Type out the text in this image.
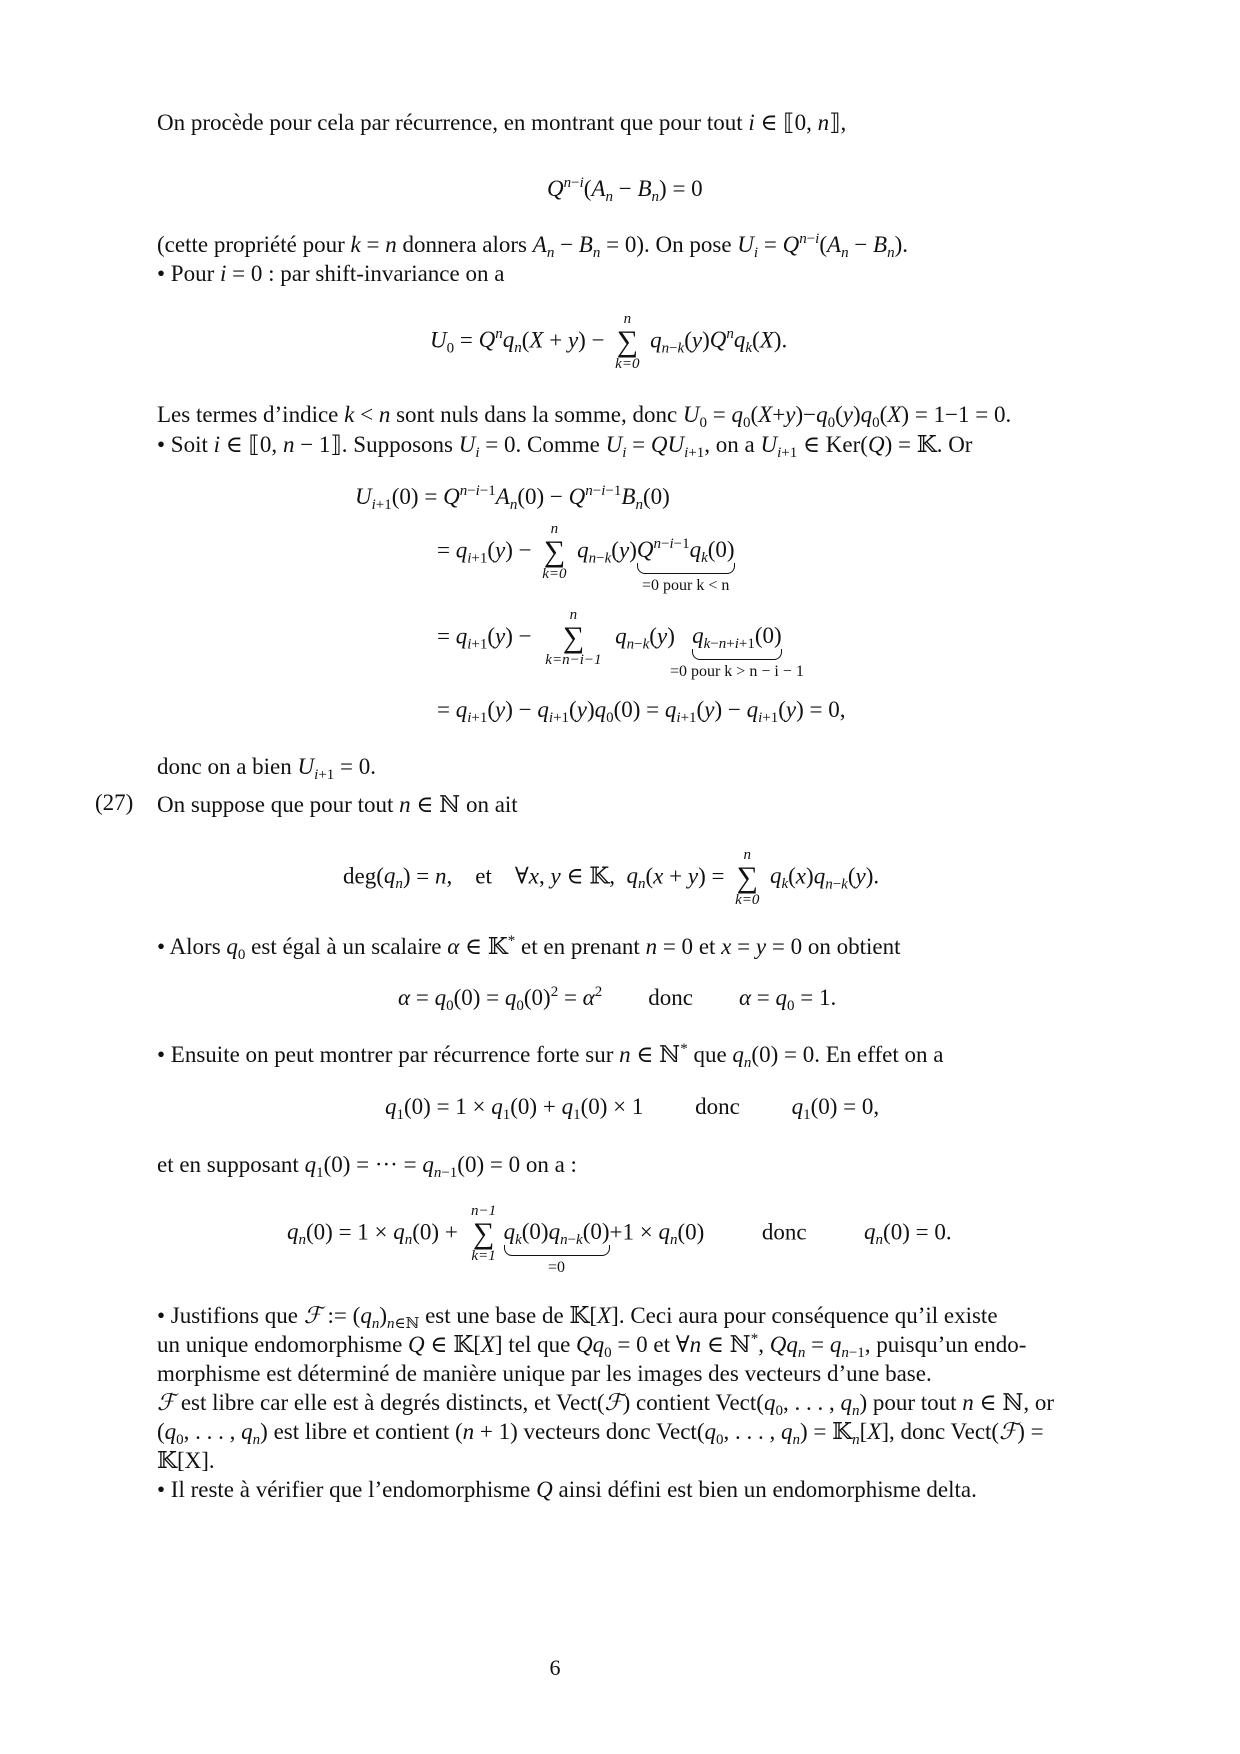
On procède pour cela par récurrence, en montrant que pour tout i ∈ ⟦0, n⟧,
$Q^{n-i}(A_n - B_n) = 0$
(cette propriété pour k = n donnera alors $A_n - B_n = 0$). On pose $U_i = Q^{n-i}(A_n - B_n)$.
• Pour i = 0 : par shift-invariance on a
$U_0 = Q^nq_n(X + y)$ −
n
∑
k=0
$q_{n-k}(y)Q^nq_k(X)$.
Les termes d’indice k < n sont nuls dans la somme, donc $U_0 = q_0(X+y)-q_0(y)q_0(X) = 1-1 = 0$.
• Soit i ∈ ⟦0, n − 1⟧. Supposons $U_i = 0$. Comme $U_i = QU_{i+1}$, on a $U_{i+1}$ ∈ Ker(Q) = 𝕂. Or
$U_{i+1}(0) = Q^{n-i-1}A_n(0) - Q^{n-i-1}B_n(0)$
= $q_{i+1}(y)$ −
n
∑
k=0
$q_{n-k}(y)Q^{n-i-1}q_k(0)$
=0 pour k < n
= $q_{i+1}(y)$ −
n
∑
k=n−i−1
$q_{n-k}(y)$   $q_{k-n+i+1}(0)$
=0 pour k > n − i − 1
= $q_{i+1}(y) - q_{i+1}(y)q_0(0) = q_{i+1}(y) - q_{i+1}(y) = 0$,
donc on a bien $U_{i+1} = 0$.
(27) On suppose que pour tout n ∈ ℕ on ait
$deg(q_n) = n$,    et    ∀x, y ∈ 𝕂,  $q_n(x + y)$ =
n
∑
k=0
$q_k(x)q_{n-k}(y)$.
• Alors $q_0$ est égal à un scalaire α ∈ 𝕂* et en prenant n = 0 et x = y = 0 on obtient
$\alpha = q_0(0) = q_0(0)^2 = \alpha^2$ donc $\alpha = q_0 = 1$.
• Ensuite on peut montrer par récurrence forte sur n ∈ ℕ* que $q_n(0) = 0$. En effet on a
$q_1(0) = 1 \times q_1(0) + q_1(0) \times 1$         donc $q_1(0) = 0$,
et en supposant $q_1(0)$ = ··· = $q_{n-1}(0) = 0$ on a :
$q_n(0) = 1 \times q_n(0)$ +
n−1
∑
k=1
$q_k(0)q_{n-k}(0)$
=0
$+1 \times q_n(0)$          donc	$q_n(0) = 0$.
• Justifions que ℱ := $(q_n)_{n\in ℕ}$ est une base de 𝕂[X]. Ceci aura pour conséquence qu’il existe
un unique endomorphisme Q ∈ 𝕂[X] tel que $Qq_0 = 0$ et ∀n ∈ ℕ*, $Qq_n = q_{n-1}$, puisqu’un endo-
morphisme est déterminé de manière unique par les images des vecteurs d’une base.
ℱ est libre car elle est à degrés distincts, et Vect(ℱ) contient $Vect(q_0$, . . . , $q_n$) pour tout n ∈ ℕ, or
($q_0$, . . . , $q_n$) est libre et contient (n + 1) vecteurs donc $Vect(q_0$, . . . , $q_n$) = 𝕂$_n$[X], donc Vect(ℱ) =
𝕂[X].
• Il reste à vérifier que l’endomorphisme Q ainsi défini est bien un endomorphisme delta.
6
